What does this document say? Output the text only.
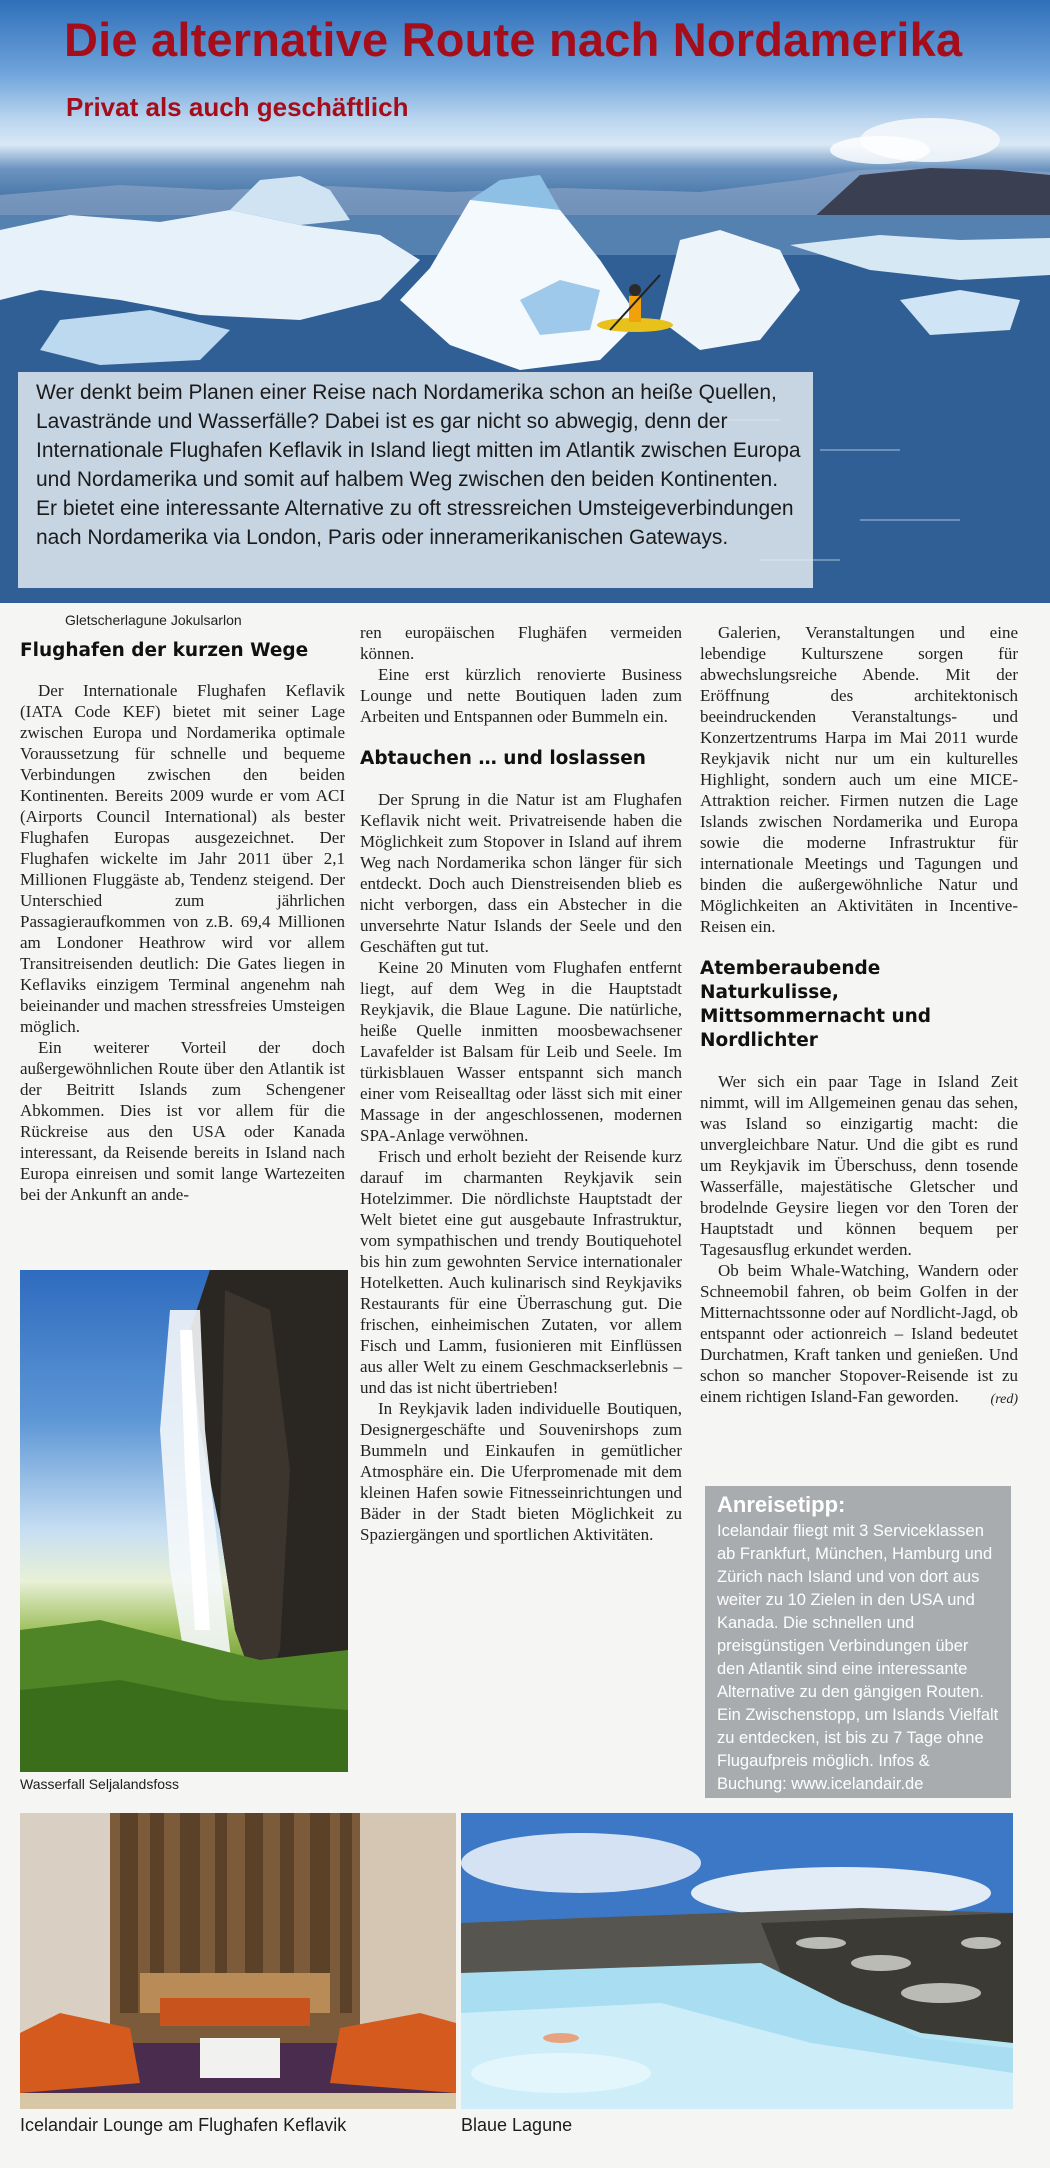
Die alternative Route nach Nordamerika
Privat als auch geschäftlich
Wer denkt beim Planen einer Reise nach Nordamerika schon an heiße Quellen, Lavastrände und Wasserfälle? Dabei ist es gar nicht so abwegig, denn der Internationale Flughafen Keflavik in Island liegt mitten im Atlantik zwischen Europa und Nordamerika und somit auf halbem Weg zwischen den beiden Kontinenten. Er bietet eine interessante Alternative zu oft stressreichen Umsteigeverbindungen nach Nordamerika via London, Paris oder inneramerikanischen Gateways.

Gletscherlagune Jokulsarlon

Flughafen der kurzen Wege

Der Internationale Flughafen Keflavik (IATA Code KEF) bietet mit seiner Lage zwischen Europa und Nordamerika optimale Voraussetzung für schnelle und bequeme Verbindungen zwischen den beiden Kontinenten. Bereits 2009 wurde er vom ACI (Airports Council International) als bester Flughafen Europas ausgezeichnet. Der Flughafen wickelte im Jahr 2011 über 2,1 Millionen Fluggäste ab, Tendenz steigend. Der Unterschied zum jährlichen Passagieraufkommen von z.B. 69,4 Millionen am Londoner Heathrow wird vor allem Transitreisenden deutlich: Die Gates liegen in Keflaviks einzigem Terminal angenehm nah beieinander und machen stressfreies Umsteigen möglich.

Ein weiterer Vorteil der doch außergewöhnlichen Route über den Atlantik ist der Beitritt Islands zum Schengener Abkommen. Dies ist vor allem für die Rückreise aus den USA oder Kanada interessant, da Reisende bereits in Island nach Europa einreisen und somit lange Wartezeiten bei der Ankunft an ande-

ren europäischen Flughäfen vermeiden können.

Eine erst kürzlich renovierte Business Lounge und nette Boutiquen laden zum Arbeiten und Entspannen oder Bummeln ein.

Abtauchen … und loslassen

Der Sprung in die Natur ist am Flughafen Keflavik nicht weit. Privatreisende haben die Möglichkeit zum Stopover in Island auf ihrem Weg nach Nordamerika schon länger für sich entdeckt. Doch auch Dienstreisenden blieb es nicht verborgen, dass ein Abstecher in die unversehrte Natur Islands der Seele und den Geschäften gut tut.

Keine 20 Minuten vom Flughafen entfernt liegt, auf dem Weg in die Hauptstadt Reykjavik, die Blaue Lagune. Die natürliche, heiße Quelle inmitten moosbewachsener Lavafelder ist Balsam für Leib und Seele. Im türkisblauen Wasser entspannt sich manch einer vom Reisealltag oder lässt sich mit einer Massage in der angeschlossenen, modernen SPA-Anlage verwöhnen.

Frisch und erholt bezieht der Reisende kurz darauf im charmanten Reykjavik sein Hotelzimmer. Die nördlichste Hauptstadt der Welt bietet eine gut ausgebaute Infrastruktur, vom sympathischen und trendy Boutiquehotel bis hin zum gewohnten Service internationaler Hotelketten. Auch kulinarisch sind Reykjaviks Restaurants für eine Überraschung gut. Die frischen, einheimischen Zutaten, vor allem Fisch und Lamm, fusionieren mit Einflüssen aus aller Welt zu einem Geschmackserlebnis – und das ist nicht übertrieben!

In Reykjavik laden individuelle Boutiquen, Designergeschäfte und Souvenirshops zum Bummeln und Einkaufen in gemütlicher Atmosphäre ein. Die Uferpromenade mit dem kleinen Hafen sowie Fitnesseinrichtungen und Bäder in der Stadt bieten Möglichkeit zu Spaziergängen und sportlichen Aktivitäten.

Galerien, Veranstaltungen und eine lebendige Kulturszene sorgen für abwechslungsreiche Abende. Mit der Eröffnung des architektonisch beeindruckenden Veranstaltungs- und Konzertzentrums Harpa im Mai 2011 wurde Reykjavik nicht nur um ein kulturelles Highlight, sondern auch um eine MICE-Attraktion reicher. Firmen nutzen die Lage Islands zwischen Nordamerika und Europa sowie die moderne Infrastruktur für internationale Meetings und Tagungen und binden die außergewöhnliche Natur und Möglichkeiten an Aktivitäten in Incentive-Reisen ein.

Atemberaubende Naturkulisse, Mittsommernacht und Nordlichter

Wer sich ein paar Tage in Island Zeit nimmt, will im Allgemeinen genau das sehen, was Island so einzigartig macht: die unvergleichbare Natur. Und die gibt es rund um Reykjavik im Überschuss, denn tosende Wasserfälle, majestätische Gletscher und brodelnde Geysire liegen vor den Toren der Hauptstadt und können bequem per Tagesausflug erkundet werden.

Ob beim Whale-Watching, Wandern oder Schneemobil fahren, ob beim Golfen in der Mitternachtssonne oder auf Nordlicht-Jagd, ob entspannt oder actionreich – Island bedeutet Durchatmen, Kraft tanken und genießen. Und schon so mancher Stopover-Reisende ist zu einem richtigen Island-Fan geworden.	(red)

Anreisetipp:

Icelandair fliegt mit 3 Serviceklassen ab Frankfurt, München, Hamburg und Zürich nach Island und von dort aus weiter zu 10 Zielen in den USA und Kanada. Die schnellen und preisgünstigen Verbindungen über den Atlantik sind eine interessante Alternative zu den gängigen Routen. Ein Zwischenstopp, um Islands Vielfalt zu entdecken, ist bis zu 7 Tage ohne Flugaufpreis möglich. Infos & Buchung: www.icelandair.de

Wasserfall Seljalandsfoss

Icelandair Lounge am Flughafen Keflavik	Blaue Lagune
